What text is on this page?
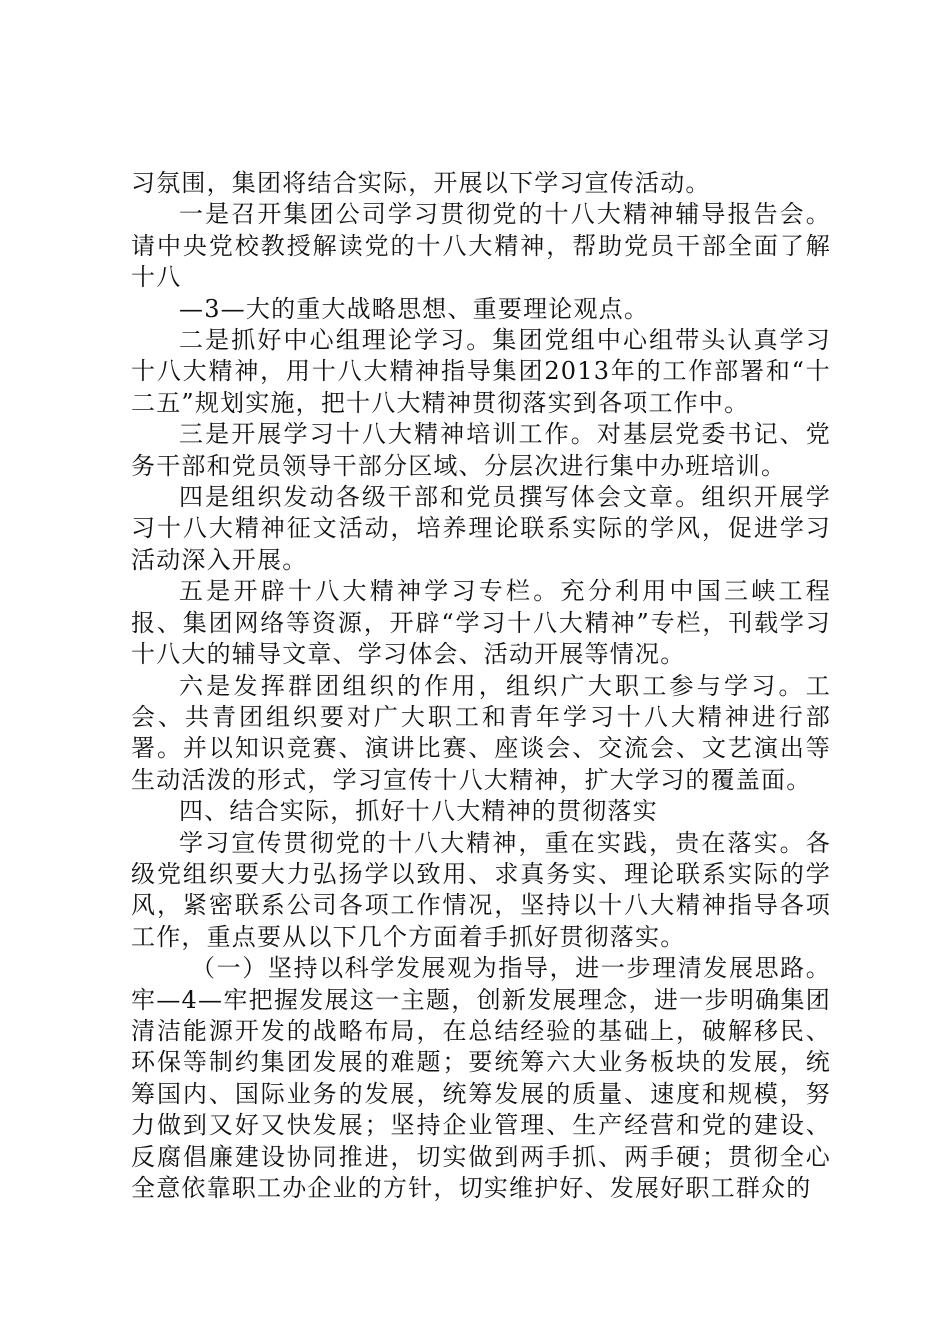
习氛围，集团将结合实际，开展以下学习宣传活动。

一是召开集团公司学习贯彻党的十八大精神辅导报告会。请中央党校教授解读党的十八大精神，帮助党员干部全面了解十八

—3—大的重大战略思想、重要理论观点。

二是抓好中心组理论学习。集团党组中心组带头认真学习十八大精神，用十八大精神指导集团2013年的工作部署和“十二五”规划实施，把十八大精神贯彻落实到各项工作中。

三是开展学习十八大精神培训工作。对基层党委书记、党务干部和党员领导干部分区域、分层次进行集中办班培训。

四是组织发动各级干部和党员撰写体会文章。组织开展学习十八大精神征文活动，培养理论联系实际的学风，促进学习活动深入开展。

五是开辟十八大精神学习专栏。充分利用中国三峡工程报、集团网络等资源，开辟“学习十八大精神”专栏，刊载学习十八大的辅导文章、学习体会、活动开展等情况。

六是发挥群团组织的作用，组织广大职工参与学习。工会、共青团组织要对广大职工和青年学习十八大精神进行部署。并以知识竞赛、演讲比赛、座谈会、交流会、文艺演出等生动活泼的形式，学习宣传十八大精神，扩大学习的覆盖面。

四、结合实际，抓好十八大精神的贯彻落实

学习宣传贯彻党的十八大精神，重在实践，贵在落实。各级党组织要大力弘扬学以致用、求真务实、理论联系实际的学风，紧密联系公司各项工作情况，坚持以十八大精神指导各项工作，重点要从以下几个方面着手抓好贯彻落实。

（一）坚持以科学发展观为指导，进一步理清发展思路。牢—4—牢把握发展这一主题，创新发展理念，进一步明确集团清洁能源开发的战略布局，在总结经验的基础上，破解移民、环保等制约集团发展的难题；要统筹六大业务板块的发展，统筹国内、国际业务的发展，统筹发展的质量、速度和规模，努力做到又好又快发展；坚持企业管理、生产经营和党的建设、反腐倡廉建设协同推进，切实做到两手抓、两手硬；贯彻全心全意依靠职工办企业的方针，切实维护好、发展好职工群众的
